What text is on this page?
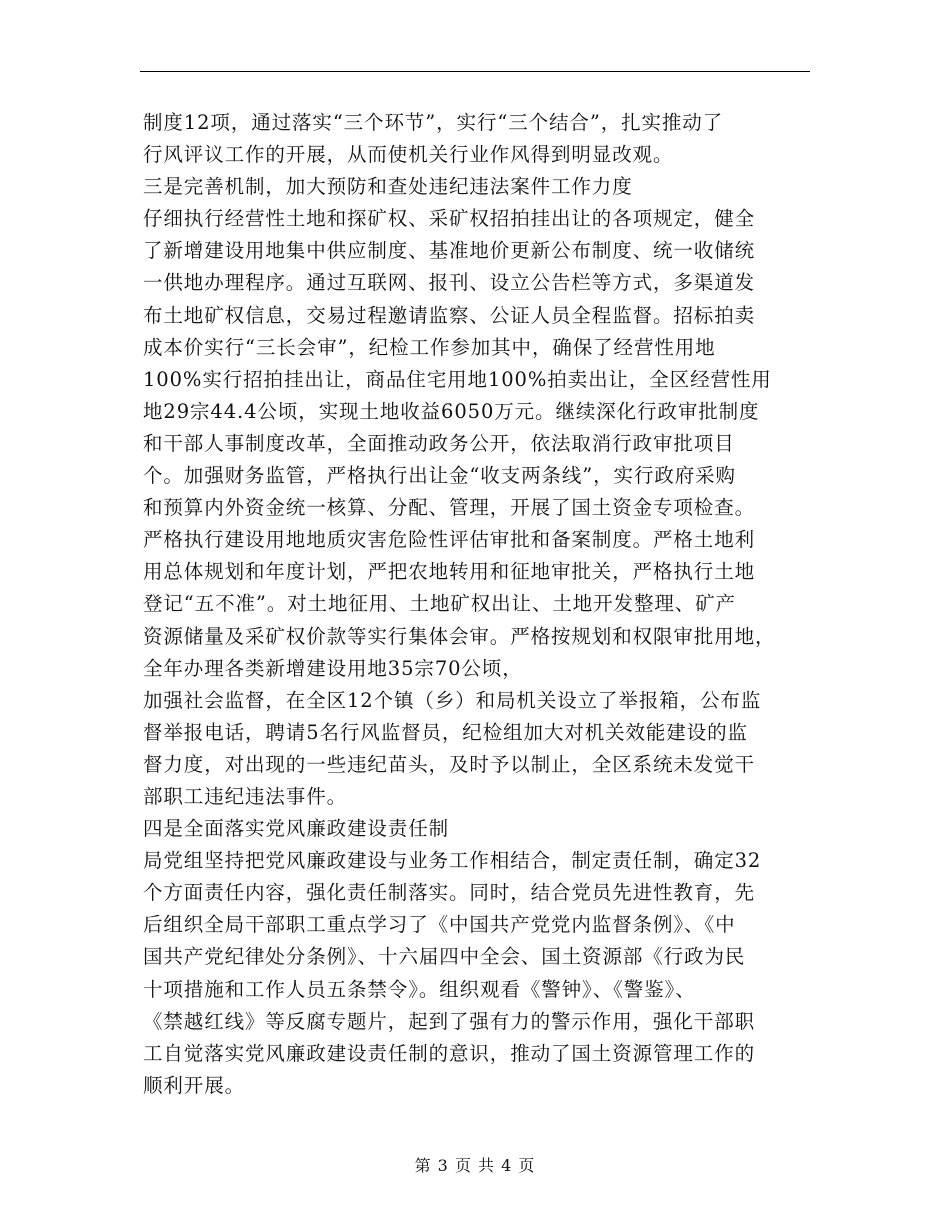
制度12项，通过落实“三个环节”，实行“三个结合”，扎实推动了
行风评议工作的开展，从而使机关行业作风得到明显改观。
三是完善机制，加大预防和查处违纪违法案件工作力度
仔细执行经营性土地和探矿权、采矿权招拍挂出让的各项规定，健全
了新增建设用地集中供应制度、基准地价更新公布制度、统一收储统
一供地办理程序。通过互联网、报刊、设立公告栏等方式，多渠道发
布土地矿权信息，交易过程邀请监察、公证人员全程监督。招标拍卖
成本价实行“三长会审”，纪检工作参加其中，确保了经营性用地
100%实行招拍挂出让，商品住宅用地100%拍卖出让，全区经营性用
地29宗44.4公顷，实现土地收益6050万元。继续深化行政审批制度
和干部人事制度改革，全面推动政务公开，依法取消行政审批项目
个。加强财务监管，严格执行出让金“收支两条线”，实行政府采购
和预算内外资金统一核算、分配、管理，开展了国土资金专项检查。
严格执行建设用地地质灾害危险性评估审批和备案制度。严格土地利
用总体规划和年度计划，严把农地转用和征地审批关，严格执行土地
登记“五不准”。对土地征用、土地矿权出让、土地开发整理、矿产
资源储量及采矿权价款等实行集体会审。严格按规划和权限审批用地，
全年办理各类新增建设用地35宗70公顷，
加强社会监督，在全区12个镇（乡）和局机关设立了举报箱，公布监
督举报电话，聘请5名行风监督员，纪检组加大对机关效能建设的监
督力度，对出现的一些违纪苗头，及时予以制止，全区系统未发觉干
部职工违纪违法事件。
四是全面落实党风廉政建设责任制
局党组坚持把党风廉政建设与业务工作相结合，制定责任制，确定32
个方面责任内容，强化责任制落实。同时，结合党员先进性教育，先
后组织全局干部职工重点学习了《中国共产党党内监督条例》、《中
国共产党纪律处分条例》、十六届四中全会、国土资源部《行政为民
十项措施和工作人员五条禁令》。组织观看《警钟》、《警鉴》、
《禁越红线》等反腐专题片，起到了强有力的警示作用，强化干部职
工自觉落实党风廉政建设责任制的意识，推动了国土资源管理工作的
顺利开展。
第 3 页 共 4 页
